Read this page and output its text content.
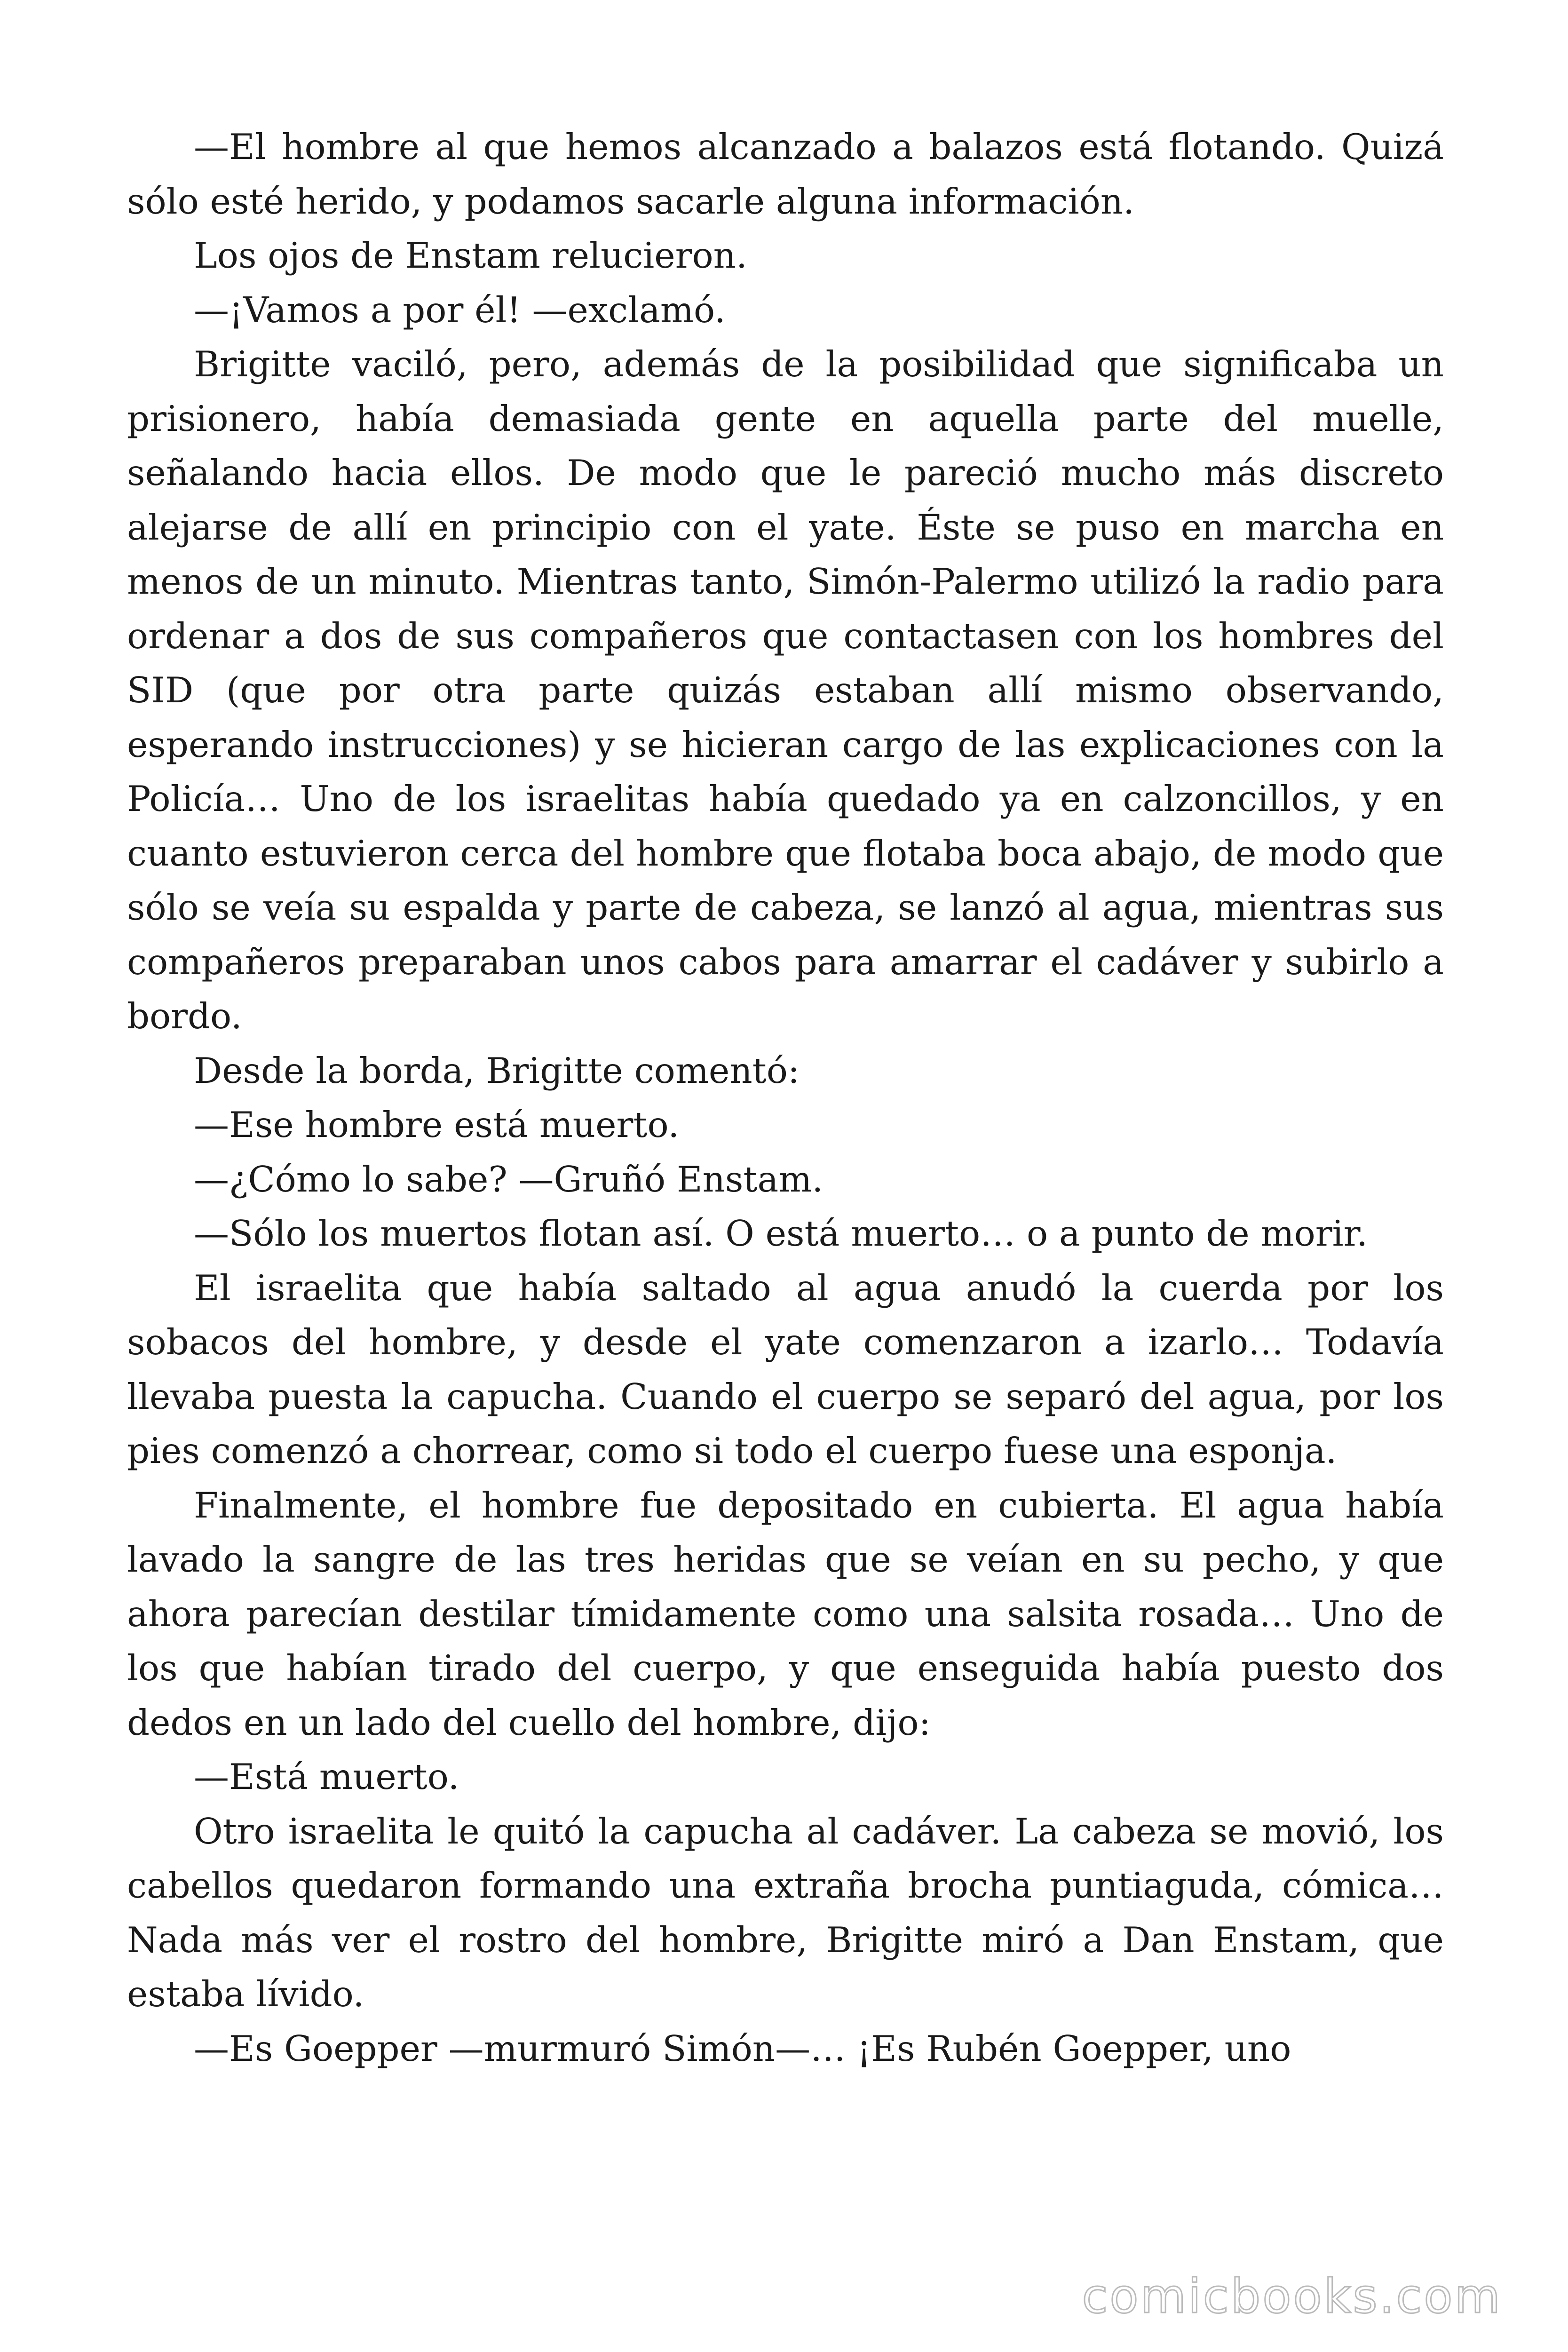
—El hombre al que hemos alcanzado a balazos está flotando. Quizá sólo esté herido, y podamos sacarle alguna información.

Los ojos de Enstam relucieron.

—¡Vamos a por él! —exclamó.

Brigitte vaciló, pero, además de la posibilidad que significaba un prisionero, había demasiada gente en aquella parte del muelle, señalando hacia ellos. De modo que le pareció mucho más discreto alejarse de allí en principio con el yate. Éste se puso en marcha en menos de un minuto. Mientras tanto, Simón-Palermo utilizó la radio para ordenar a dos de sus compañeros que contactasen con los hombres del SID (que por otra parte quizás estaban allí mismo observando, esperando instrucciones) y se hicieran cargo de las explicaciones con la Policía… Uno de los israelitas había quedado ya en calzoncillos, y en cuanto estuvieron cerca del hombre que flotaba boca abajo, de modo que sólo se veía su espalda y parte de cabeza, se lanzó al agua, mientras sus compañeros preparaban unos cabos para amarrar el cadáver y subirlo a bordo.

Desde la borda, Brigitte comentó:

—Ese hombre está muerto.

—¿Cómo lo sabe? —Gruñó Enstam.

—Sólo los muertos flotan así. O está muerto… o a punto de morir.

El israelita que había saltado al agua anudó la cuerda por los sobacos del hombre, y desde el yate comenzaron a izarlo… Todavía llevaba puesta la capucha. Cuando el cuerpo se separó del agua, por los pies comenzó a chorrear, como si todo el cuerpo fuese una esponja.

Finalmente, el hombre fue depositado en cubierta. El agua había lavado la sangre de las tres heridas que se veían en su pecho, y que ahora parecían destilar tímidamente como una salsita rosada… Uno de los que habían tirado del cuerpo, y que enseguida había puesto dos dedos en un lado del cuello del hombre, dijo:

—Está muerto.

Otro israelita le quitó la capucha al cadáver. La cabeza se movió, los cabellos quedaron formando una extraña brocha puntiaguda, cómica… Nada más ver el rostro del hombre, Brigitte miró a Dan Enstam, que estaba lívido.

—Es Goepper —murmuró Simón—… ¡Es Rubén Goepper, uno

comicbooks.com
